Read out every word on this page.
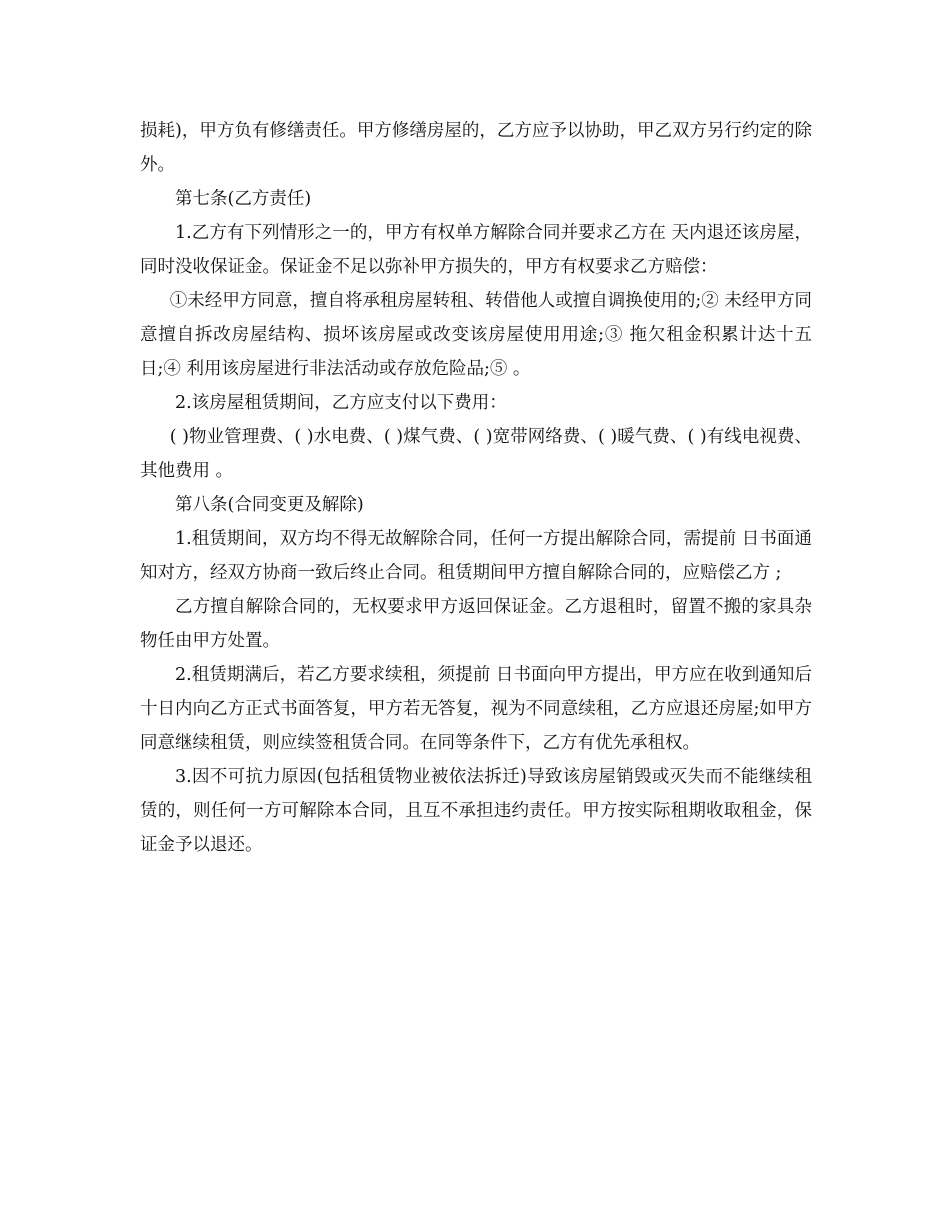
损耗)，甲方负有修缮责任。甲方修缮房屋的，乙方应予以协助，甲乙双方另行约定的除外。

第七条(乙方责任)

1.乙方有下列情形之一的，甲方有权单方解除合同并要求乙方在 天内退还该房屋，同时没收保证金。保证金不足以弥补甲方损失的，甲方有权要求乙方赔偿：

①未经甲方同意，擅自将承租房屋转租、转借他人或擅自调换使用的;② 未经甲方同意擅自拆改房屋结构、损坏该房屋或改变该房屋使用用途;③ 拖欠租金积累计达十五日;④ 利用该房屋进行非法活动或存放危险品;⑤ 。

2.该房屋租赁期间，乙方应支付以下费用：

( )物业管理费、( )水电费、( )煤气费、( )宽带网络费、( )暖气费、( )有线电视费、其他费用 。

第八条(合同变更及解除)

1.租赁期间，双方均不得无故解除合同，任何一方提出解除合同，需提前 日书面通知对方，经双方协商一致后终止合同。租赁期间甲方擅自解除合同的，应赔偿乙方 ;

乙方擅自解除合同的，无权要求甲方返回保证金。乙方退租时，留置不搬的家具杂物任由甲方处置。

2.租赁期满后，若乙方要求续租，须提前 日书面向甲方提出，甲方应在收到通知后十日内向乙方正式书面答复，甲方若无答复，视为不同意续租，乙方应退还房屋;如甲方同意继续租赁，则应续签租赁合同。在同等条件下，乙方有优先承租权。

3.因不可抗力原因(包括租赁物业被依法拆迁)导致该房屋销毁或灭失而不能继续租赁的，则任何一方可解除本合同，且互不承担违约责任。甲方按实际租期收取租金，保证金予以退还。
